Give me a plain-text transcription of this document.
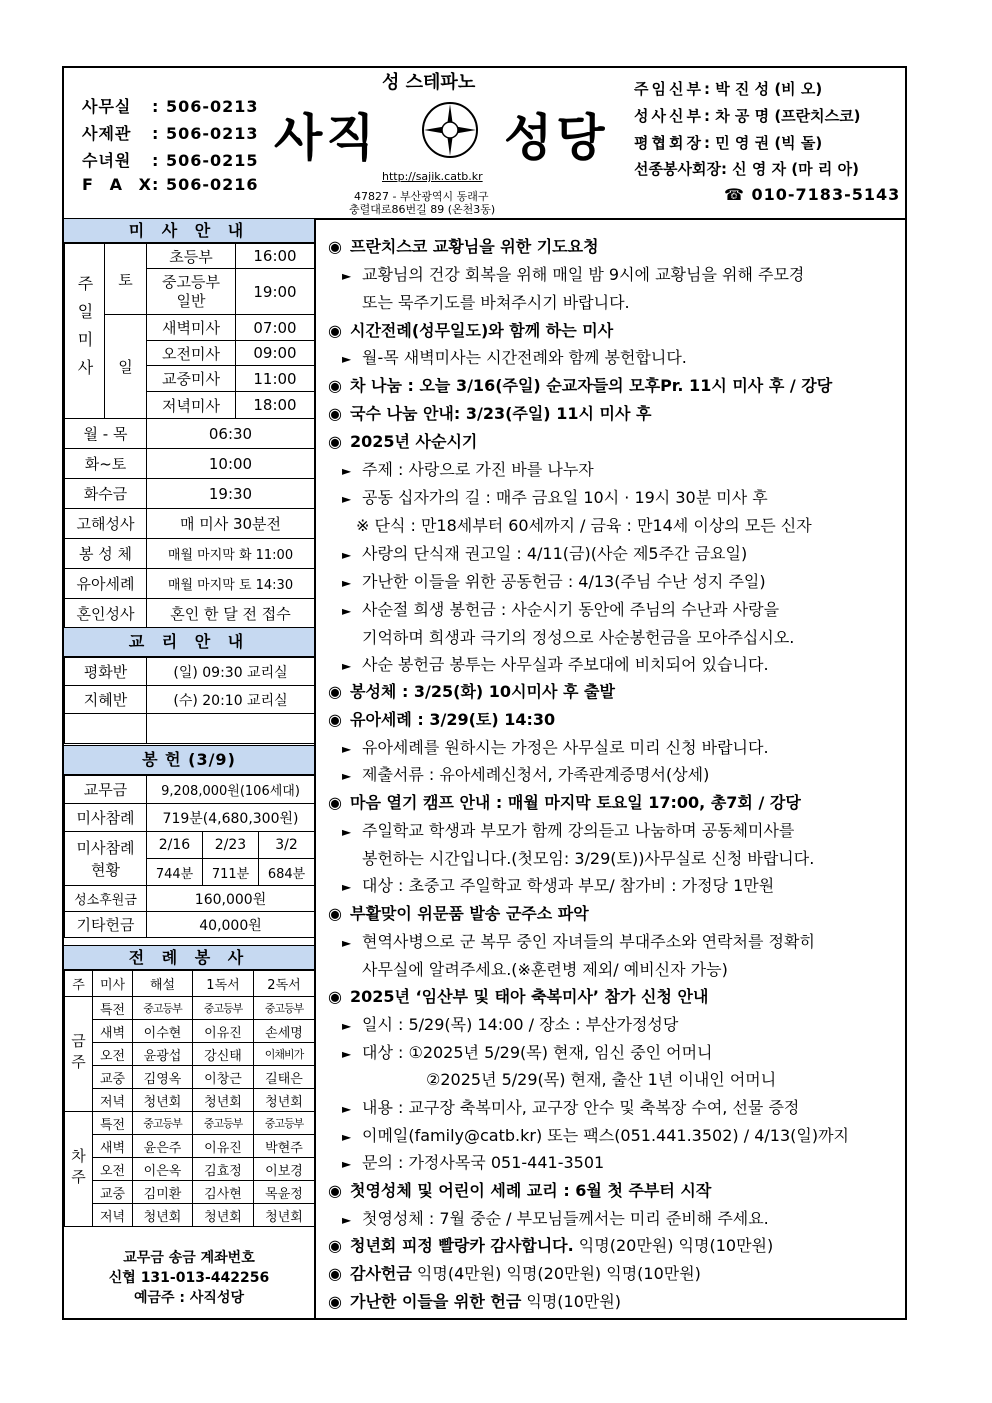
사무실 : 506-0213
사제관 : 506-0213
수녀원 : 506-0215
F A X: 506-0216
성 스테파노
사직	성당
http://sajik.catb.kr
47827 - 부산광역시 동래구
충렬대로86번길 89 (온천3동)
주임신부: 박 진 성 (비 오)
성사신부: 차 공 명 (프란치스코)
평협회장: 민 영 권 (빅 돌)
선종봉사회장: 신 영 자 (마 리 아)
☎ 010-7183-5143
미 사 안 내
주일미사	토	초등부	16:00
		중고등부
일반	19:00
	일	새벽미사	07:00
		오전미사	09:00
		교중미사	11:00
		저녁미사	18:00
월 - 목	06:30
화~토	10:00
화수금	19:30
고해성사	매 미사 30분전
봉 성 체	매월 마지막 화 11:00
유아세례	매월 마지막 토 14:30
혼인성사	혼인 한 달 전 접수
교 리 안 내
평화반	(일) 09:30 교리실
지혜반	(수) 20:10 교리실

봉 헌 (3/9)
교무금	9,208,000원(106세대)		
미사참례	719분(4,680,300원)		
미사참례
현황	2/16	2/23	3/2
	744분	711분	684분
성소후원금	160,000원		
기타헌금	40,000원		
전 례 봉 사
주	미사	해설	1독서	2독서
금주	특전	중고등부	중고등부	중고등부
	새벽	이수현	이유진	손세명
	오전	윤광섭	강신태	이채비가
	교중	김영옥	이창근	길태은
	저녁	청년회	청년회	청년회
차주	특전	중고등부	중고등부	중고등부
	새벽	윤은주	이유진	박현주
	오전	이은옥	김효정	이보경
	교중	김미환	김사현	목윤정
	저녁	청년회	청년회	청년회
교무금 송금 계좌번호
신협 131-013-442256
예금주 : 사직성당
◉ 프란치스코 교황님을 위한 기도요청
► 교황님의 건강 회복을 위해 매일 밤 9시에 교황님을 위해 주모경
또는 묵주기도를 바쳐주시기 바랍니다.
◉ 시간전례(성무일도)와 함께 하는 미사
► 월-목 새벽미사는 시간전례와 함께 봉헌합니다.
◉ 차 나눔 : 오늘 3/16(주일) 순교자들의 모후Pr. 11시 미사 후 / 강당
◉ 국수 나눔 안내: 3/23(주일) 11시 미사 후
◉ 2025년 사순시기
► 주제 : 사랑으로 가진 바를 나누자
► 공동 십자가의 길 : 매주 금요일 10시 · 19시 30분 미사 후
※ 단식 : 만18세부터 60세까지 / 금육 : 만14세 이상의 모든 신자
► 사랑의 단식재 권고일 : 4/11(금)(사순 제5주간 금요일)
► 가난한 이들을 위한 공동헌금 : 4/13(주님 수난 성지 주일)
► 사순절 희생 봉헌금 : 사순시기 동안에 주님의 수난과 사랑을
기억하며 희생과 극기의 정성으로 사순봉헌금을 모아주십시오.
► 사순 봉헌금 봉투는 사무실과 주보대에 비치되어 있습니다.
◉ 봉성체 : 3/25(화) 10시미사 후 출발
◉ 유아세례 : 3/29(토) 14:30
► 유아세례를 원하시는 가정은 사무실로 미리 신청 바랍니다.
► 제출서류 : 유아세례신청서, 가족관계증명서(상세)
◉ 마음 열기 캠프 안내 : 매월 마지막 토요일 17:00, 총7회 / 강당
► 주일학교 학생과 부모가 함께 강의듣고 나눔하며 공동체미사를
봉헌하는 시간입니다.(첫모임: 3/29(토))사무실로 신청 바랍니다.
► 대상 : 초중고 주일학교 학생과 부모/ 참가비 : 가정당 1만원
◉ 부활맞이 위문품 발송 군주소 파악
► 현역사병으로 군 복무 중인 자녀들의 부대주소와 연락처를 정확히
사무실에 알려주세요.(※훈련병 제외/ 예비신자 가능)
◉ 2025년 ‘임산부 및 태아 축복미사’ 참가 신청 안내
► 일시 : 5/29(목) 14:00 / 장소 : 부산가정성당
► 대상 : ①2025년 5/29(목) 현재, 임신 중인 어머니
②2025년 5/29(목) 현재, 출산 1년 이내인 어머니
► 내용 : 교구장 축복미사, 교구장 안수 및 축복장 수여, 선물 증정
► 이메일(family@catb.kr) 또는 팩스(051.441.3502) / 4/13(일)까지
► 문의 : 가정사목국 051-441-3501
◉ 첫영성체 및 어린이 세례 교리 : 6월 첫 주부터 시작
► 첫영성체 : 7월 중순 / 부모님들께서는 미리 준비해 주세요.
◉ 청년회 피정 빨랑카 감사합니다. 익명(20만원) 익명(10만원)
◉ 감사헌금 익명(4만원) 익명(20만원) 익명(10만원)
◉ 가난한 이들을 위한 헌금 익명(10만원)
